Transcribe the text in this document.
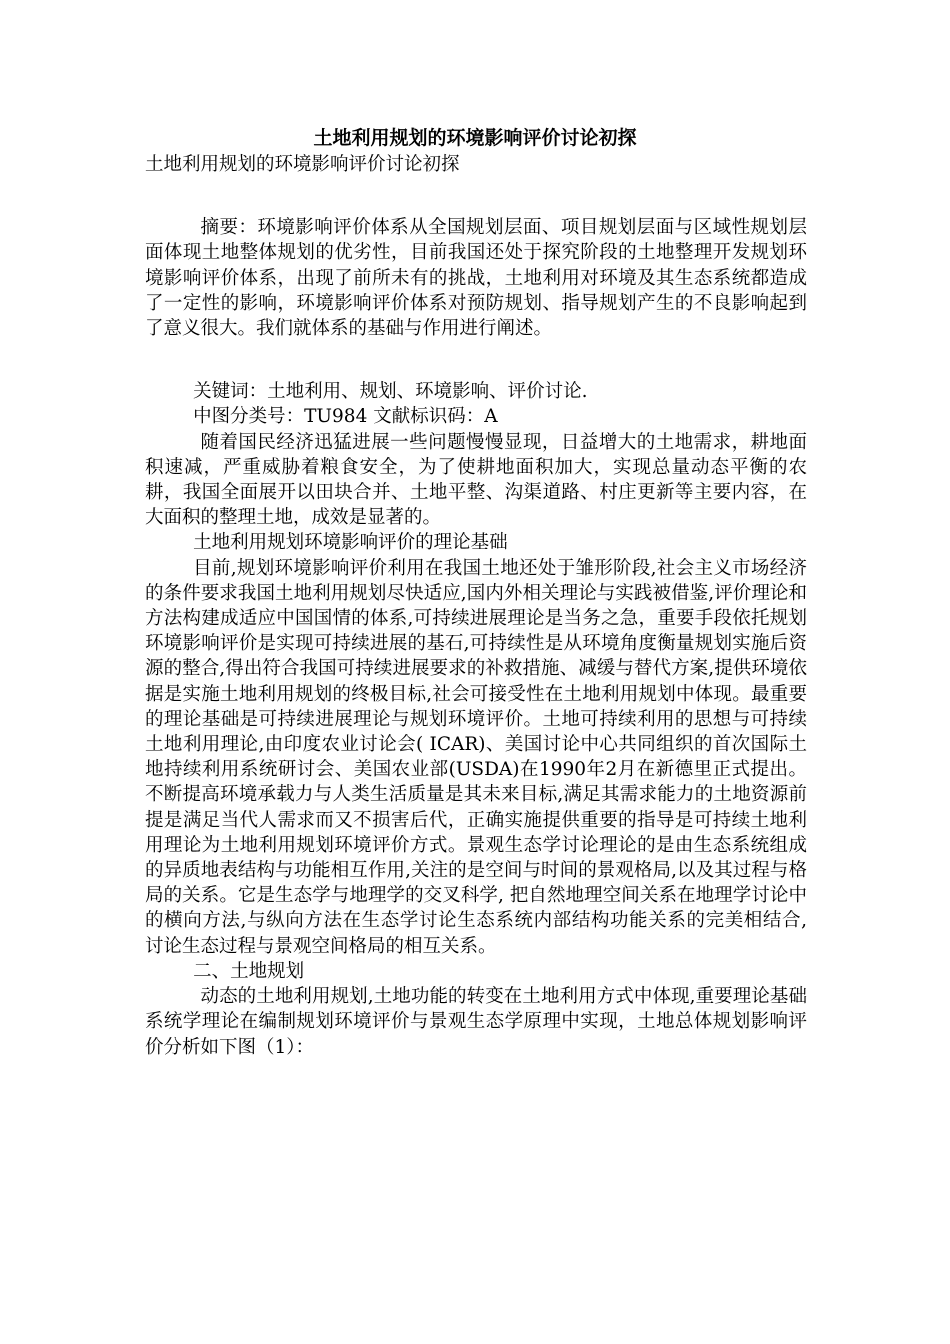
土地利用规划的环境影响评价讨论初探

土地利用规划的环境影响评价讨论初探

摘要：环境影响评价体系从全国规划层面、项目规划层面与区域性规划层面体现土地整体规划的优劣性，目前我国还处于探究阶段的土地整理开发规划环境影响评价体系，出现了前所未有的挑战，土地利用对环境及其生态系统都造成了一定性的影响，环境影响评价体系对预防规划、指导规划产生的不良影响起到了意义很大。我们就体系的基础与作用进行阐述。

关键词：土地利用、规划、环境影响、评价讨论.

中图分类号：TU984 文献标识码：A

随着国民经济迅猛进展一些问题慢慢显现，日益增大的土地需求，耕地面积速减，严重威胁着粮食安全，为了使耕地面积加大，实现总量动态平衡的农耕，我国全面展开以田块合并、土地平整、沟渠道路、村庄更新等主要内容，在大面积的整理土地，成效是显著的。

土地利用规划环境影响评价的理论基础

目前,规划环境影响评价利用在我国土地还处于雏形阶段,社会主义市场经济的条件要求我国土地利用规划尽快适应,国内外相关理论与实践被借鉴,评价理论和方法构建成适应中国国情的体系,可持续进展理论是当务之急，重要手段依托规划环境影响评价是实现可持续进展的基石,可持续性是从环境角度衡量规划实施后资源的整合,得出符合我国可持续进展要求的补救措施、减缓与替代方案,提供环境依据是实施土地利用规划的终极目标,社会可接受性在土地利用规划中体现。最重要的理论基础是可持续进展理论与规划环境评价。土地可持续利用的思想与可持续土地利用理论,由印度农业讨论会( ICAR)、美国讨论中心共同组织的首次国际土地持续利用系统研讨会、美国农业部(USDA)在1990年2月在新德里正式提出。不断提高环境承载力与人类生活质量是其未来目标,满足其需求能力的土地资源前提是满足当代人需求而又不损害后代，正确实施提供重要的指导是可持续土地利用理论为土地利用规划环境评价方式。景观生态学讨论理论的是由生态系统组成的异质地表结构与功能相互作用,关注的是空间与时间的景观格局,以及其过程与格局的关系。它是生态学与地理学的交叉科学, 把自然地理空间关系在地理学讨论中的横向方法,与纵向方法在生态学讨论生态系统内部结构功能关系的完美相结合, 讨论生态过程与景观空间格局的相互关系。

二、土地规划

动态的土地利用规划,土地功能的转变在土地利用方式中体现,重要理论基础系统学理论在编制规划环境评价与景观生态学原理中实现，土地总体规划影响评价分析如下图（1）：
